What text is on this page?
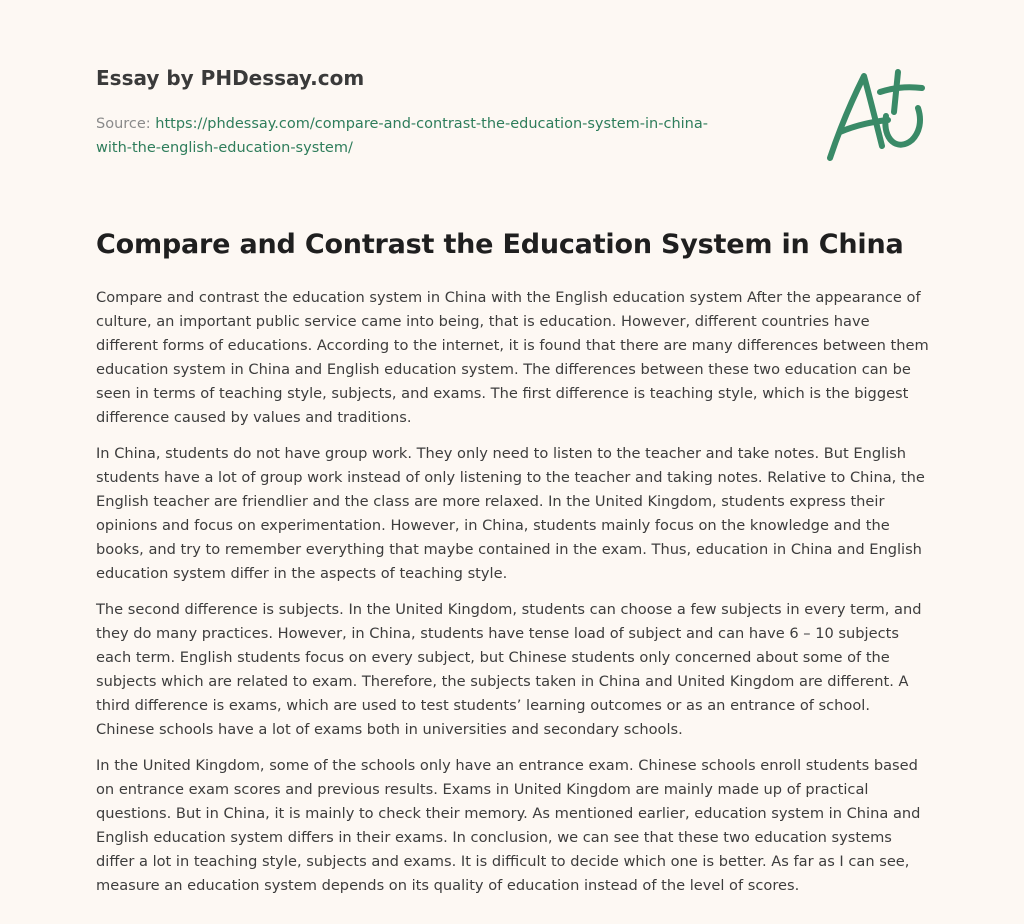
Essay by PHDessay.com
Source: https://phdessay.com/compare-and-contrast-the-education-system-in-china-with-the-english-education-system/
Compare and Contrast the Education System in China

Compare and contrast the education system in China with the English education system After the appearance of culture, an important public service came into being, that is education. However, different countries have different forms of educations. According to the internet, it is found that there are many differences between them education system in China and English education system. The differences between these two education can be seen in terms of teaching style, subjects, and exams. The first difference is teaching style, which is the biggest difference caused by values and traditions.

In China, students do not have group work. They only need to listen to the teacher and take notes. But English students have a lot of group work instead of only listening to the teacher and taking notes. Relative to China, the English teacher are friendlier and the class are more relaxed. In the United Kingdom, students express their opinions and focus on experimentation. However, in China, students mainly focus on the knowledge and the books, and try to remember everything that maybe contained in the exam. Thus, education in China and English education system differ in the aspects of teaching style.

The second difference is subjects. In the United Kingdom, students can choose a few subjects in every term, and they do many practices. However, in China, students have tense load of subject and can have 6 – 10 subjects each term. English students focus on every subject, but Chinese students only concerned about some of the subjects which are related to exam. Therefore, the subjects taken in China and United Kingdom are different. A third difference is exams, which are used to test students’ learning outcomes or as an entrance of school. Chinese schools have a lot of exams both in universities and secondary schools.

In the United Kingdom, some of the schools only have an entrance exam. Chinese schools enroll students based on entrance exam scores and previous results. Exams in United Kingdom are mainly made up of practical questions. But in China, it is mainly to check their memory. As mentioned earlier, education system in China and English education system differs in their exams. In conclusion, we can see that these two education systems differ a lot in teaching style, subjects and exams. It is difficult to decide which one is better. As far as I can see, measure an education system depends on its quality of education instead of the level of scores.
